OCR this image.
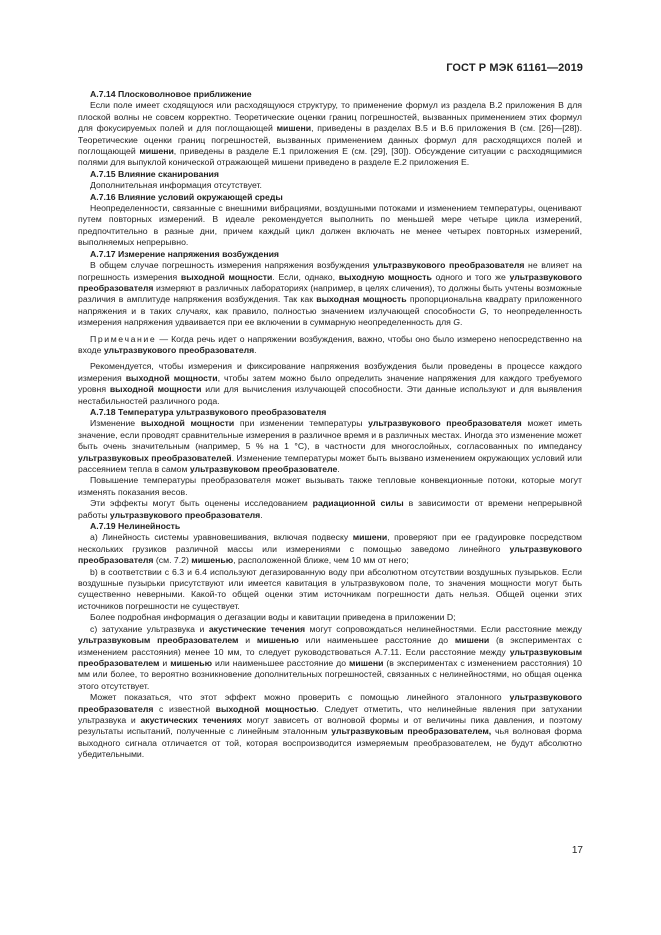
ГОСТ Р МЭК 61161—2019
А.7.14 Плосковолновое приближение
Если поле имеет сходящуюся или расходящуюся структуру, то применение формул из раздела В.2 приложения В для плоской волны не совсем корректно. Теоретические оценки границ погрешностей, вызванных применением этих формул для фокусируемых полей и для поглощающей мишени, приведены в разделах В.5 и В.6 приложения В (см. [26]—[28]). Теоретические оценки границ погрешностей, вызванных применением данных формул для расходящихся полей и поглощающей мишени, приведены в разделе Е.1 приложения Е (см. [29], [30]). Обсуждение ситуации с расходящимися полями для выпуклой конической отражающей мишени приведено в разделе Е.2 приложения Е.
А.7.15 Влияние сканирования
Дополнительная информация отсутствует.
А.7.16 Влияние условий окружающей среды
Неопределенности, связанные с внешними вибрациями, воздушными потоками и изменением температуры, оценивают путем повторных измерений. В идеале рекомендуется выполнить по меньшей мере четыре цикла измерений, предпочтительно в разные дни, причем каждый цикл должен включать не менее четырех повторных измерений, выполняемых непрерывно.
А.7.17 Измерение напряжения возбуждения
В общем случае погрешность измерения напряжения возбуждения ультразвукового преобразователя не влияет на погрешность измерения выходной мощности. Если, однако, выходную мощность одного и того же ультразвукового преобразователя измеряют в различных лабораториях (например, в целях сличения), то должны быть учтены возможные различия в амплитуде напряжения возбуждения. Так как выходная мощность пропорциональна квадрату приложенного напряжения и в таких случаях, как правило, полностью значением излучающей способности G, то неопределенность измерения напряжения удваивается при ее включении в суммарную неопределенность для G.
Примечание — Когда речь идет о напряжении возбуждения, важно, чтобы оно было измерено непосредственно на входе ультразвукового преобразователя.
Рекомендуется, чтобы измерения и фиксирование напряжения возбуждения были проведены в процессе каждого измерения выходной мощности, чтобы затем можно было определить значение напряжения для каждого требуемого уровня выходной мощности или для вычисления излучающей способности. Эти данные используют и для выявления нестабильностей различного рода.
А.7.18 Температура ультразвукового преобразователя
Изменение выходной мощности при изменении температуры ультразвукового преобразователя может иметь значение, если проводят сравнительные измерения в различное время и в различных местах. Иногда это изменение может быть очень значительным (например, 5 % на 1 °С), в частности для многослойных, согласованных по импедансу ультразвуковых преобразователей. Изменение температуры может быть вызвано изменением окружающих условий или рассеянием тепла в самом ультразвуковом преобразователе.
Повышение температуры преобразователя может вызывать также тепловые конвекционные потоки, которые могут изменять показания весов.
Эти эффекты могут быть оценены исследованием радиационной силы в зависимости от времени непрерывной работы ультразвукового преобразователя.
А.7.19 Нелинейность
а) Линейность системы уравновешивания, включая подвеску мишени, проверяют при ее градуировке посредством нескольких грузиков различной массы или измерениями с помощью заведомо линейного ультразвукового преобразователя (см. 7.2) мишенью, расположенной ближе, чем 10 мм от него;
b) в соответствии с 6.3 и 6.4 используют дегазированную воду при абсолютном отсутствии воздушных пузырьков. Если воздушные пузырьки присутствуют или имеется кавитация в ультразвуковом поле, то значения мощности могут быть существенно неверными. Какой-то общей оценки этим источникам погрешности дать нельзя. Общей оценки этих источников погрешности не существует.
Более подробная информация о дегазации воды и кавитации приведена в приложении D;
с) затухание ультразвука и акустические течения могут сопровождаться нелинейностями. Если расстояние между ультразвуковым преобразователем и мишенью или наименьшее расстояние до мишени (в экспериментах с изменением расстояния) менее 10 мм, то следует руководствоваться А.7.11. Если расстояние между ультразвуковым преобразователем и мишенью или наименьшее расстояние до мишени (в экспериментах с изменением расстояния) 10 мм или более, то вероятно возникновение дополнительных погрешностей, связанных с нелинейностями, но общая оценка этого отсутствует.
Может показаться, что этот эффект можно проверить с помощью линейного эталонного ультразвукового преобразователя с известной выходной мощностью. Следует отметить, что нелинейные явления при затухании ультразвука и акустических течениях могут зависеть от волновой формы и от величины пика давления, и поэтому результаты испытаний, полученные с линейным эталонным ультразвуковым преобразователем, чья волновая форма выходного сигнала отличается от той, которая воспроизводится измеряемым преобразователем, не будут абсолютно убедительными.
17
